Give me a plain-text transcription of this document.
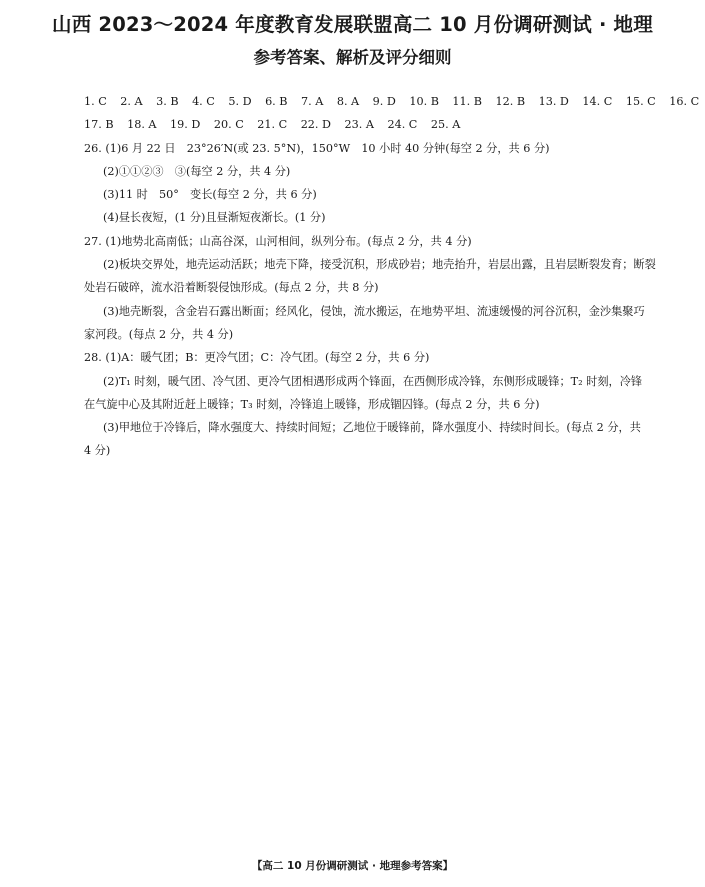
山西 2023～2024 年度教育发展联盟高二 10 月份调研测试 · 地理
参考答案、解析及评分细则
1. C 2. A 3. B 4. C 5. D 6. B 7. A 8. A 9. D 10. B 11. B 12. B 13. D 14. C 15. C 16. C
17. B 18. A 19. D 20. C 21. C 22. D 23. A 24. C 25. A
26. (1)6 月 22 日　23°26′N(或 23. 5°N)，150°W　10 小时 40 分钟(每空 2 分，共 6 分)
(2)①①②③　③(每空 2 分，共 4 分)
(3)11 时　50°　变长(每空 2 分，共 6 分)
(4)昼长夜短，(1 分)且昼渐短夜渐长。(1 分)
27. (1)地势北高南低；山高谷深，山河相间，纵列分布。(每点 2 分，共 4 分)
(2)板块交界处，地壳运动活跃；地壳下降，接受沉积，形成砂岩；地壳抬升，岩层出露，且岩层断裂发育；断裂
处岩石破碎，流水沿着断裂侵蚀形成。(每点 2 分，共 8 分)
(3)地壳断裂，含金岩石露出断面；经风化，侵蚀，流水搬运，在地势平坦、流速缓慢的河谷沉积，金沙集聚巧
家河段。(每点 2 分，共 4 分)
28. (1)A：暖气团；B：更冷气团；C：冷气团。(每空 2 分，共 6 分)
(2)T₁ 时刻，暖气团、冷气团、更冷气团相遇形成两个锋面，在西侧形成冷锋，东侧形成暖锋；T₂ 时刻，冷锋
在气旋中心及其附近赶上暖锋；T₃ 时刻，冷锋追上暖锋，形成锢囚锋。(每点 2 分，共 6 分)
(3)甲地位于冷锋后，降水强度大、持续时间短；乙地位于暖锋前，降水强度小、持续时间长。(每点 2 分，共
4 分)
【高二 10 月份调研测试 · 地理参考答案】
